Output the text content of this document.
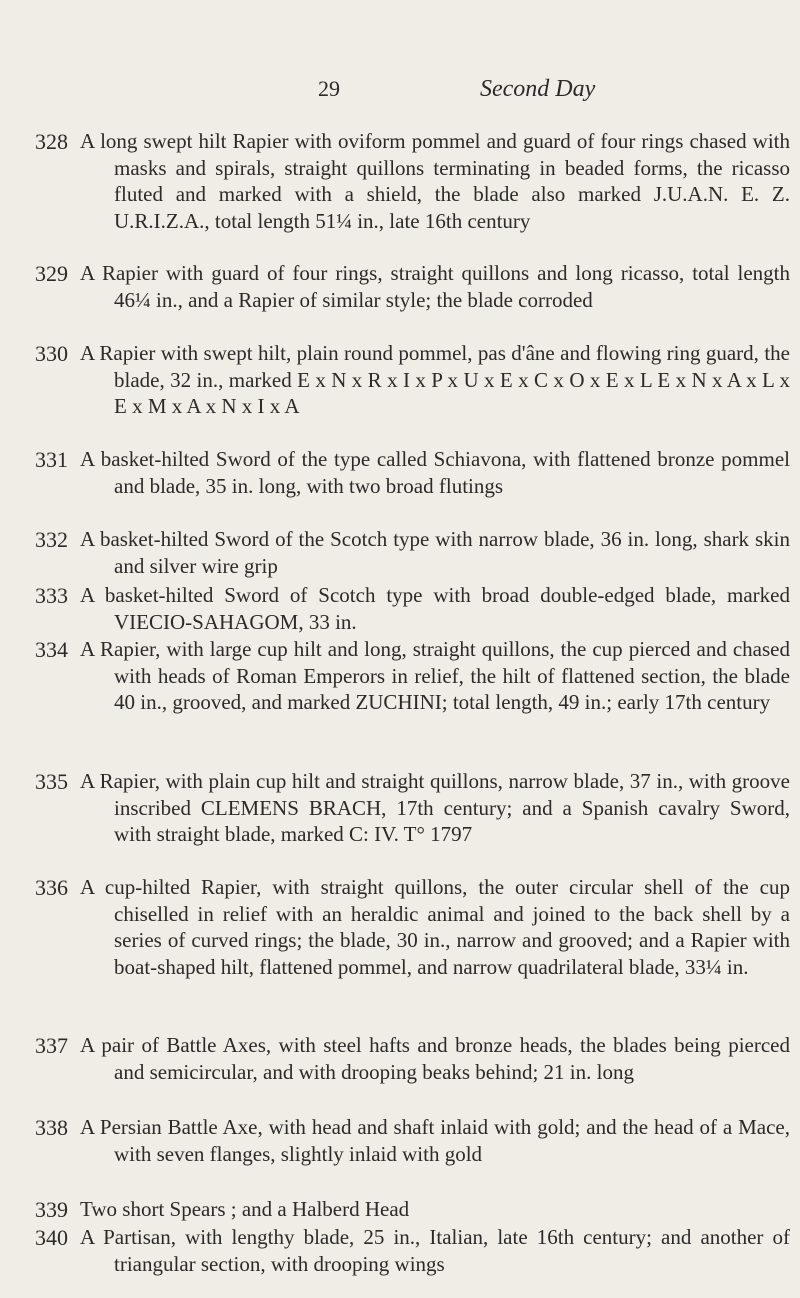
29	Second Day
328 A long swept hilt Rapier with oviform pommel and guard of four rings chased with masks and spirals, straight quillons terminating in beaded forms, the ricasso fluted and marked with a shield, the blade also marked J.U.A.N. E. Z. U.R.I.Z.A., total length 51¼ in., late 16th century
329 A Rapier with guard of four rings, straight quillons and long ricasso, total length 46¼ in., and a Rapier of similar style; the blade corroded
330 A Rapier with swept hilt, plain round pommel, pas d'âne and flowing ring guard, the blade, 32 in., marked E x N x R x I x P x U x E x C x O x E x L E x N x A x L x E x M x A x N x I x A
331 A basket-hilted Sword of the type called Schiavona, with flattened bronze pommel and blade, 35 in. long, with two broad flutings
332 A basket-hilted Sword of the Scotch type with narrow blade, 36 in. long, shark skin and silver wire grip
333 A basket-hilted Sword of Scotch type with broad double-edged blade, marked VIECIO-SAHAGOM, 33 in.
334 A Rapier, with large cup hilt and long, straight quillons, the cup pierced and chased with heads of Roman Emperors in relief, the hilt of flattened section, the blade 40 in., grooved, and marked ZUCHINI; total length, 49 in.; early 17th century
335 A Rapier, with plain cup hilt and straight quillons, narrow blade, 37 in., with groove inscribed CLEMENS BRACH, 17th century; and a Spanish cavalry Sword, with straight blade, marked C: IV. T° 1797
336 A cup-hilted Rapier, with straight quillons, the outer circular shell of the cup chiselled in relief with an heraldic animal and joined to the back shell by a series of curved rings; the blade, 30 in., narrow and grooved; and a Rapier with boat-shaped hilt, flattened pommel, and narrow quadrilateral blade, 33¼ in.
337 A pair of Battle Axes, with steel hafts and bronze heads, the blades being pierced and semicircular, and with drooping beaks behind; 21 in. long
338 A Persian Battle Axe, with head and shaft inlaid with gold; and the head of a Mace, with seven flanges, slightly inlaid with gold
339 Two short Spears ; and a Halberd Head
340 A Partisan, with lengthy blade, 25 in., Italian, late 16th century; and another of triangular section, with drooping wings
